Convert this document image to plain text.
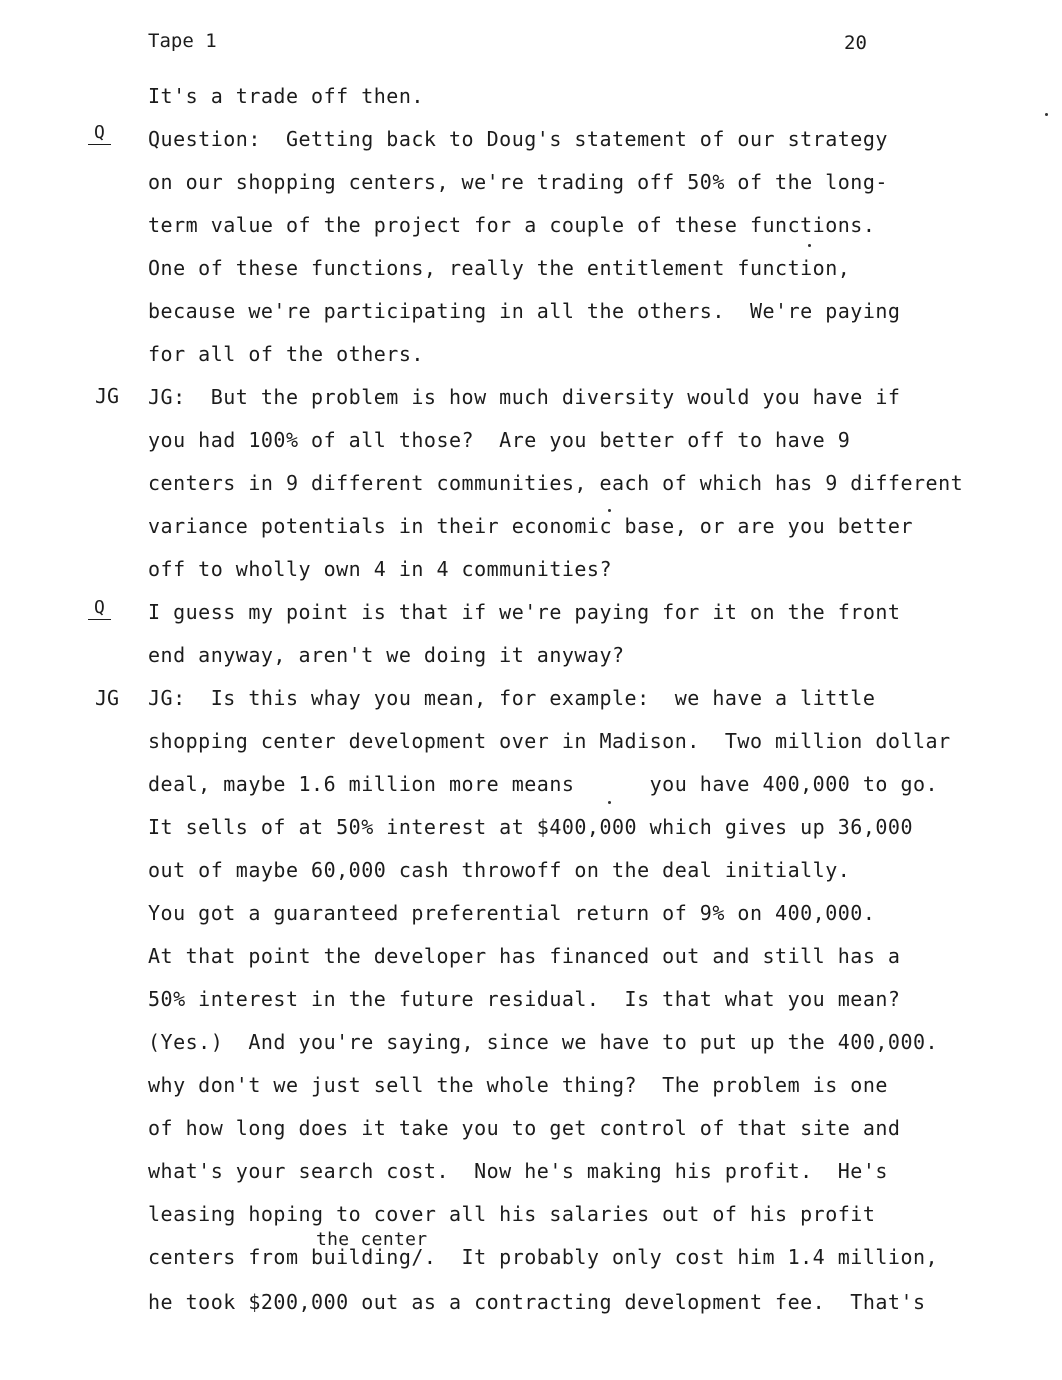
Tape 1	20
Q
JG
Q
JG
It's a trade off then.
Question:  Getting back to Doug's statement of our strategy
on our shopping centers, we're trading off 50% of the long-
term value of the project for a couple of these functions.
One of these functions, really the entitlement function,
because we're participating in all the others.  We're paying
for all of the others.
JG:  But the problem is how much diversity would you have if
you had 100% of all those?  Are you better off to have 9
centers in 9 different communities, each of which has 9 different
variance potentials in their economic base, or are you better
off to wholly own 4 in 4 communities?
I guess my point is that if we're paying for it on the front
end anyway, aren't we doing it anyway?
JG:  Is this whay you mean, for example:  we have a little
shopping center development over in Madison.  Two million dollar
deal, maybe 1.6 million more means      you have 400,000 to go.
It sells of at 50% interest at $400,000 which gives up 36,000
out of maybe 60,000 cash throwoff on the deal initially.
You got a guaranteed preferential return of 9% on 400,000.
At that point the developer has financed out and still has a
50% interest in the future residual.  Is that what you mean?
(Yes.)  And you're saying, since we have to put up the 400,000.
why don't we just sell the whole thing?  The problem is one
of how long does it take you to get control of that site and
what's your search cost.  Now he's making his profit.  He's
leasing hoping to cover all his salaries out of his profit
the center
centers from building/.  It probably only cost him 1.4 million,
he took $200,000 out as a contracting development fee.  That's
